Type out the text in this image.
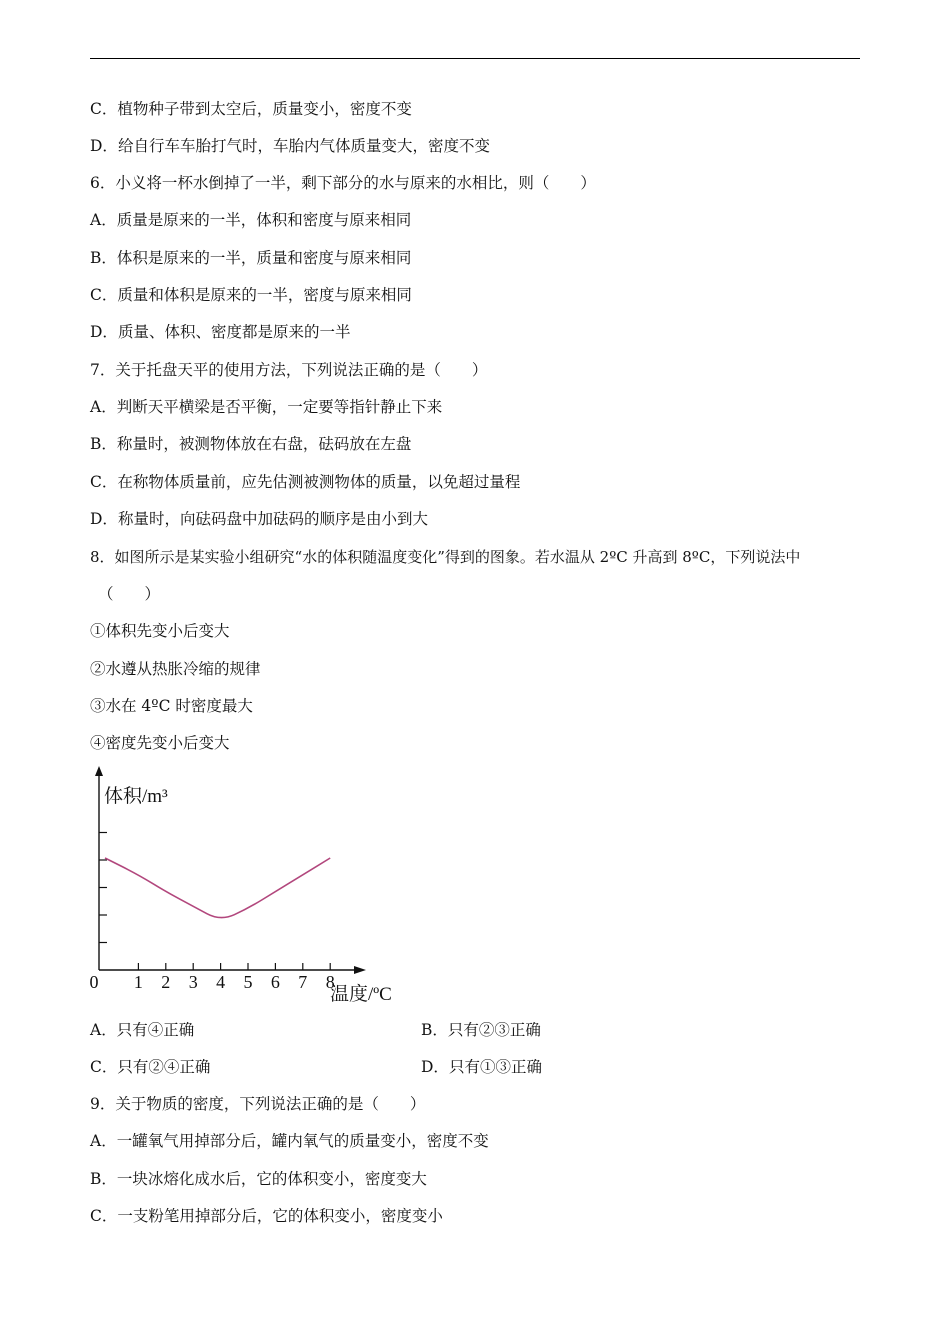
C．植物种子带到太空后，质量变小，密度不变
D．给自行车车胎打气时，车胎内气体质量变大，密度不变
6．小义将一杯水倒掉了一半，剩下部分的水与原来的水相比，则（　　）
A．质量是原来的一半，体积和密度与原来相同
B．体积是原来的一半，质量和密度与原来相同
C．质量和体积是原来的一半，密度与原来相同
D．质量、体积、密度都是原来的一半
7．关于托盘天平的使用方法，下列说法正确的是（　　）
A．判断天平横梁是否平衡，一定要等指针静止下来
B．称量时，被测物体放在右盘，砝码放在左盘
C．在称物体质量前，应先估测被测物体的质量，以免超过量程
D．称量时，向砝码盘中加砝码的顺序是由小到大
8．如图所示是某实验小组研究“水的体积随温度变化”得到的图象。若水温从 2ºC 升高到 8ºC，下列说法中
（　　）
①体积先变小后变大
②水遵从热胀冷缩的规律
③水在 4ºC 时密度最大
④密度先变小后变大
0 1 2 3 4 5 6 7 8
体积/m³
温度/ºC
A．只有④正确	B．只有②③正确
C．只有②④正确	D．只有①③正确
9．关于物质的密度，下列说法正确的是（　　）
A．一罐氧气用掉部分后，罐内氧气的质量变小，密度不变
B．一块冰熔化成水后，它的体积变小，密度变大
C．一支粉笔用掉部分后，它的体积变小，密度变小
